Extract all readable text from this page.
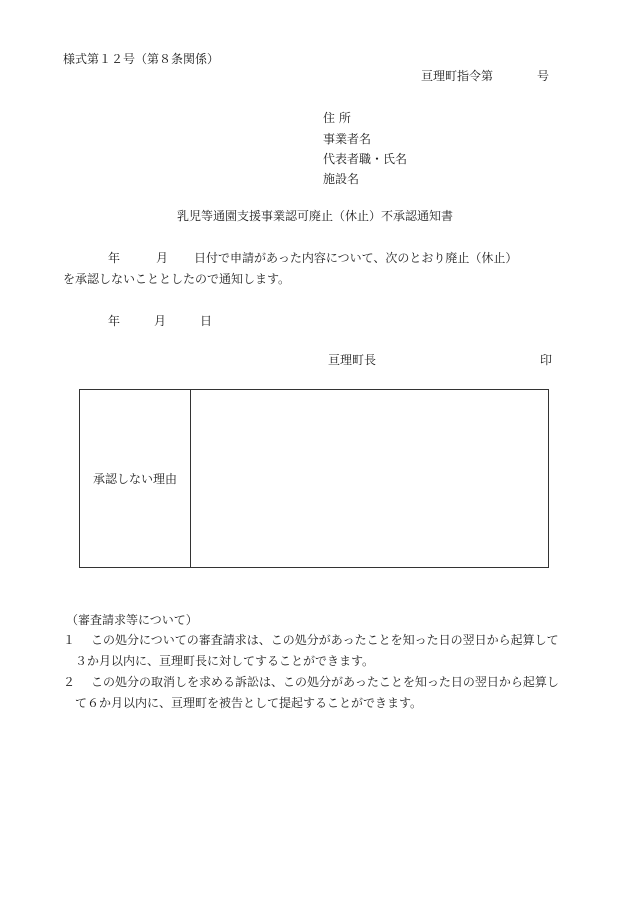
様式第１２号（第８条関係）
亘理町指令第	号
住 所
事業者名
代表者職・氏名
施設名
乳児等通園支援事業認可廃止（休止）不承認通知書
年	月 日付で申請があった内容について、次のとおり廃止（休止）
を承認しないこととしたので通知します。
年	月	日
亘理町長	印
承認しない理由
（審査請求等について）
１	この処分についての審査請求は、この処分があったことを知った日の翌日から起算して３か月以内に、亘理町長に対してすることができます。
２	この処分の取消しを求める訴訟は、この処分があったことを知った日の翌日から起算して６か月以内に、亘理町を被告として提起することができます。
